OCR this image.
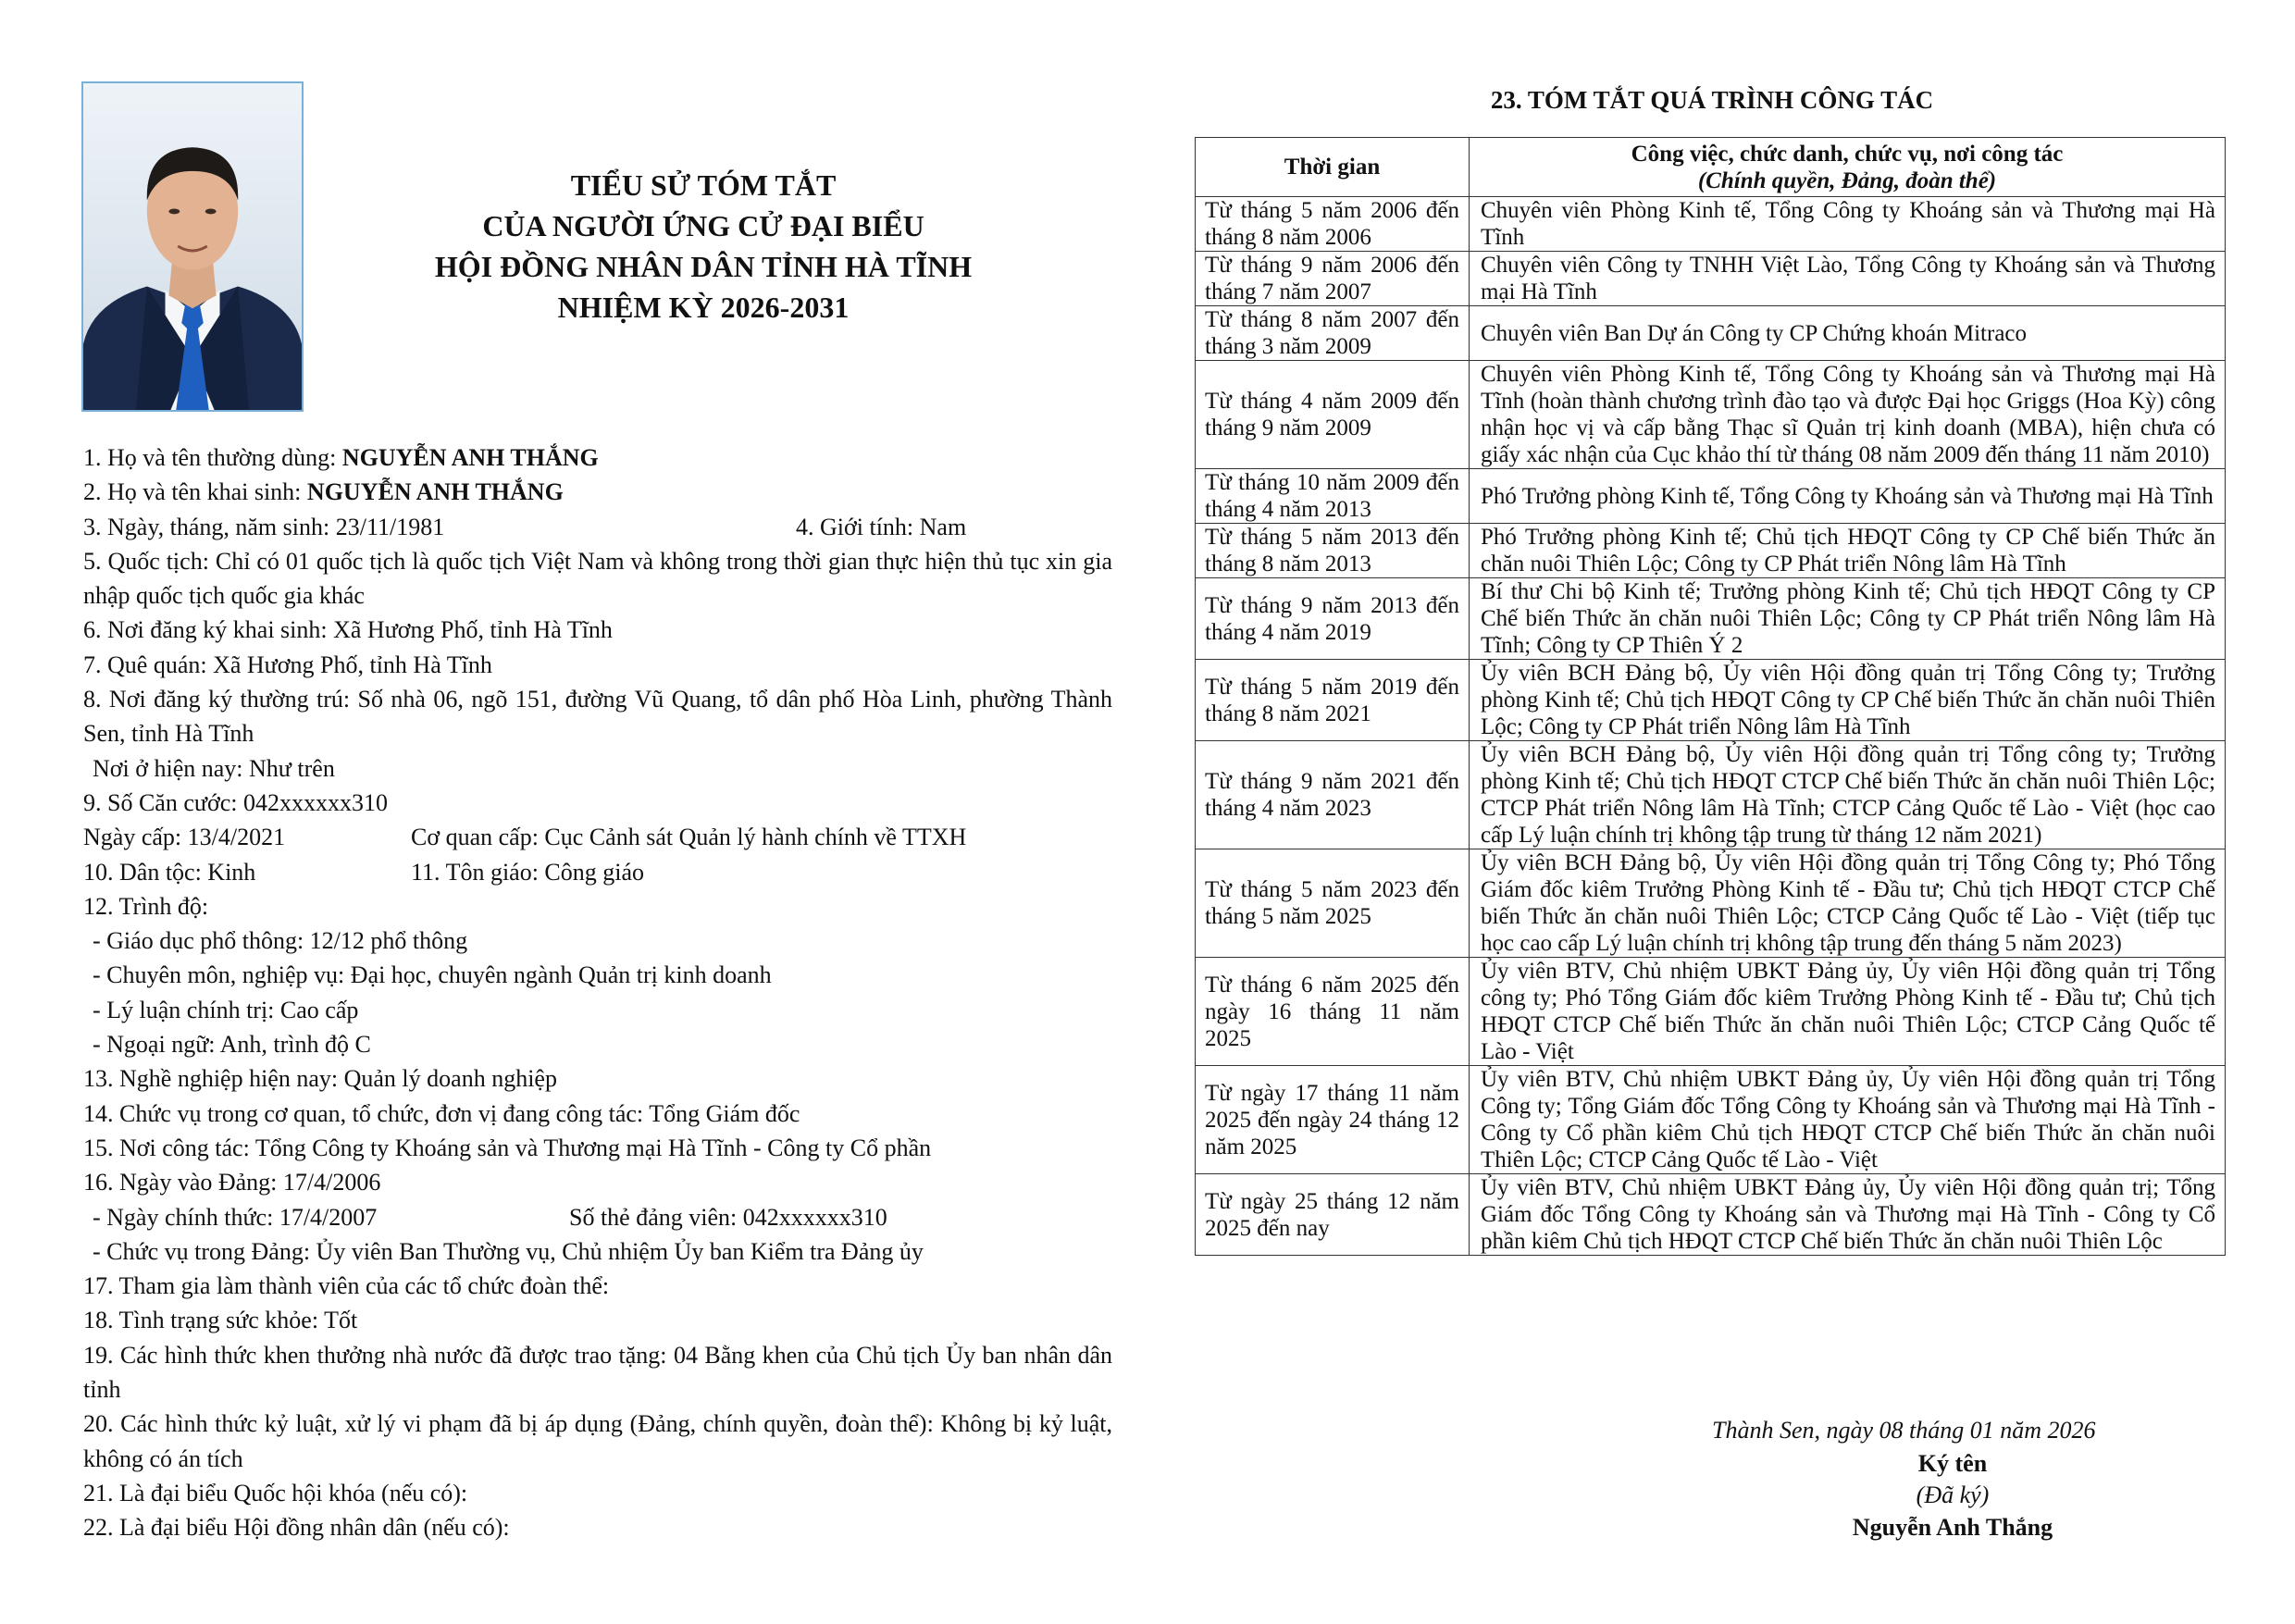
TIỂU SỬ TÓM TẮT
CỦA NGƯỜI ỨNG CỬ ĐẠI BIỂU
HỘI ĐỒNG NHÂN DÂN TỈNH HÀ TĨNH
NHIỆM KỲ 2026-2031
1. Họ và tên thường dùng: NGUYỄN ANH THẮNG
2. Họ và tên khai sinh: NGUYỄN ANH THẮNG
3. Ngày, tháng, năm sinh: 23/11/1981	4. Giới tính: Nam
5. Quốc tịch: Chỉ có 01 quốc tịch là quốc tịch Việt Nam và không trong thời gian thực hiện thủ tục xin gia nhập quốc tịch quốc gia khác
6. Nơi đăng ký khai sinh: Xã Hương Phố, tỉnh Hà Tĩnh
7. Quê quán: Xã Hương Phố, tỉnh Hà Tĩnh
8. Nơi đăng ký thường trú: Số nhà 06, ngõ 151, đường Vũ Quang, tổ dân phố Hòa Linh, phường Thành Sen, tỉnh Hà Tĩnh
Nơi ở hiện nay: Như trên
9. Số Căn cước: 042xxxxxx310
Ngày cấp: 13/4/2021	Cơ quan cấp: Cục Cảnh sát Quản lý hành chính về TTXH
10. Dân tộc: Kinh	11. Tôn giáo: Công giáo
12. Trình độ:
- Giáo dục phổ thông: 12/12 phổ thông
- Chuyên môn, nghiệp vụ: Đại học, chuyên ngành Quản trị kinh doanh
- Lý luận chính trị: Cao cấp
- Ngoại ngữ: Anh, trình độ C
13. Nghề nghiệp hiện nay: Quản lý doanh nghiệp
14. Chức vụ trong cơ quan, tổ chức, đơn vị đang công tác: Tổng Giám đốc
15. Nơi công tác: Tổng Công ty Khoáng sản và Thương mại Hà Tĩnh - Công ty Cổ phần
16. Ngày vào Đảng: 17/4/2006
- Ngày chính thức: 17/4/2007	Số thẻ đảng viên: 042xxxxxx310
- Chức vụ trong Đảng: Ủy viên Ban Thường vụ, Chủ nhiệm Ủy ban Kiểm tra Đảng ủy
17. Tham gia làm thành viên của các tổ chức đoàn thể:
18. Tình trạng sức khỏe: Tốt
19. Các hình thức khen thưởng nhà nước đã được trao tặng: 04 Bằng khen của Chủ tịch Ủy ban nhân dân tỉnh
20. Các hình thức kỷ luật, xử lý vi phạm đã bị áp dụng (Đảng, chính quyền, đoàn thể): Không bị kỷ luật, không có án tích
21. Là đại biểu Quốc hội khóa (nếu có):
22. Là đại biểu Hội đồng nhân dân (nếu có):
23. TÓM TẮT QUÁ TRÌNH CÔNG TÁC
Thời gian	Công việc, chức danh, chức vụ, nơi công tác
(Chính quyền, Đảng, đoàn thể)

Từ tháng 5 năm 2006 đến tháng 8 năm 2006	Chuyên viên Phòng Kinh tế, Tổng Công ty Khoáng sản và Thương mại Hà Tĩnh
Từ tháng 9 năm 2006 đến tháng 7 năm 2007	Chuyên viên Công ty TNHH Việt Lào, Tổng Công ty Khoáng sản và Thương mại Hà Tĩnh
Từ tháng 8 năm 2007 đến tháng 3 năm 2009	Chuyên viên Ban Dự án Công ty CP Chứng khoán Mitraco
Từ tháng 4 năm 2009 đến tháng 9 năm 2009	Chuyên viên Phòng Kinh tế, Tổng Công ty Khoáng sản và Thương mại Hà Tĩnh (hoàn thành chương trình đào tạo và được Đại học Griggs (Hoa Kỳ) công nhận học vị và cấp bằng Thạc sĩ Quản trị kinh doanh (MBA), hiện chưa có giấy xác nhận của Cục khảo thí từ tháng 08 năm 2009 đến tháng 11 năm 2010)
Từ tháng 10 năm 2009 đến tháng 4 năm 2013	Phó Trưởng phòng Kinh tế, Tổng Công ty Khoáng sản và Thương mại Hà Tĩnh
Từ tháng 5 năm 2013 đến tháng 8 năm 2013	Phó Trưởng phòng Kinh tế; Chủ tịch HĐQT Công ty CP Chế biến Thức ăn chăn nuôi Thiên Lộc; Công ty CP Phát triển Nông lâm Hà Tĩnh
Từ tháng 9 năm 2013 đến tháng 4 năm 2019	Bí thư Chi bộ Kinh tế; Trưởng phòng Kinh tế; Chủ tịch HĐQT Công ty CP Chế biến Thức ăn chăn nuôi Thiên Lộc; Công ty CP Phát triển Nông lâm Hà Tĩnh; Công ty CP Thiên Ý 2
Từ tháng 5 năm 2019 đến tháng 8 năm 2021	Ủy viên BCH Đảng bộ, Ủy viên Hội đồng quản trị Tổng Công ty; Trưởng phòng Kinh tế; Chủ tịch HĐQT Công ty CP Chế biến Thức ăn chăn nuôi Thiên Lộc; Công ty CP Phát triển Nông lâm Hà Tĩnh
Từ tháng 9 năm 2021 đến tháng 4 năm 2023	Ủy viên BCH Đảng bộ, Ủy viên Hội đồng quản trị Tổng công ty; Trưởng phòng Kinh tế; Chủ tịch HĐQT CTCP Chế biến Thức ăn chăn nuôi Thiên Lộc; CTCP Phát triển Nông lâm Hà Tĩnh; CTCP Cảng Quốc tế Lào - Việt (học cao cấp Lý luận chính trị không tập trung từ tháng 12 năm 2021)
Từ tháng 5 năm 2023 đến tháng 5 năm 2025	Ủy viên BCH Đảng bộ, Ủy viên Hội đồng quản trị Tổng Công ty; Phó Tổng Giám đốc kiêm Trưởng Phòng Kinh tế - Đầu tư; Chủ tịch HĐQT CTCP Chế biến Thức ăn chăn nuôi Thiên Lộc; CTCP Cảng Quốc tế Lào - Việt (tiếp tục học cao cấp Lý luận chính trị không tập trung đến tháng 5 năm 2023)
Từ tháng 6 năm 2025 đến ngày 16 tháng 11 năm 2025	Ủy viên BTV, Chủ nhiệm UBKT Đảng ủy, Ủy viên Hội đồng quản trị Tổng công ty; Phó Tổng Giám đốc kiêm Trưởng Phòng Kinh tế - Đầu tư; Chủ tịch HĐQT CTCP Chế biến Thức ăn chăn nuôi Thiên Lộc; CTCP Cảng Quốc tế Lào - Việt
Từ ngày 17 tháng 11 năm 2025 đến ngày 24 tháng 12 năm 2025	Ủy viên BTV, Chủ nhiệm UBKT Đảng ủy, Ủy viên Hội đồng quản trị Tổng Công ty; Tổng Giám đốc Tổng Công ty Khoáng sản và Thương mại Hà Tĩnh - Công ty Cổ phần kiêm Chủ tịch HĐQT CTCP Chế biến Thức ăn chăn nuôi Thiên Lộc; CTCP Cảng Quốc tế Lào - Việt
Từ ngày 25 tháng 12 năm 2025 đến nay	Ủy viên BTV, Chủ nhiệm UBKT Đảng ủy, Ủy viên Hội đồng quản trị; Tổng Giám đốc Tổng Công ty Khoáng sản và Thương mại Hà Tĩnh - Công ty Cổ phần kiêm Chủ tịch HĐQT CTCP Chế biến Thức ăn chăn nuôi Thiên Lộc
Thành Sen, ngày 08 tháng 01 năm 2026
Ký tên
(Đã ký)
Nguyễn Anh Thắng
